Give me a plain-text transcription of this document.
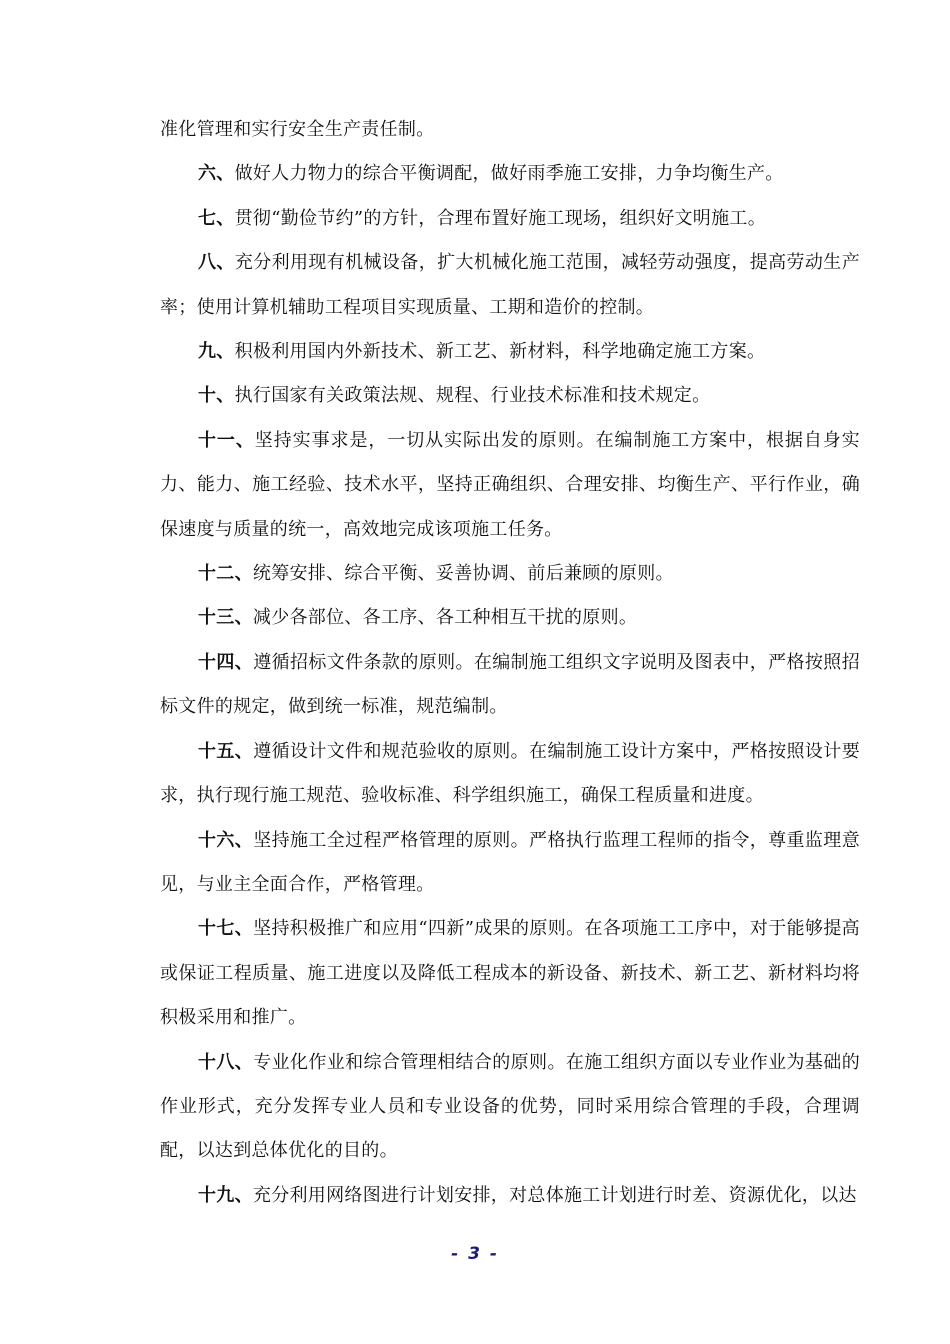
准化管理和实行安全生产责任制。

六、做好人力物力的综合平衡调配，做好雨季施工安排，力争均衡生产。

七、贯彻“勤俭节约”的方针，合理布置好施工现场，组织好文明施工。

八、充分利用现有机械设备，扩大机械化施工范围，减轻劳动强度，提高劳动生产率；使用计算机辅助工程项目实现质量、工期和造价的控制。

九、积极利用国内外新技术、新工艺、新材料，科学地确定施工方案。

十、执行国家有关政策法规、规程、行业技术标准和技术规定。

十一、坚持实事求是，一切从实际出发的原则。在编制施工方案中，根据自身实力、能力、施工经验、技术水平，坚持正确组织、合理安排、均衡生产、平行作业，确保速度与质量的统一，高效地完成该项施工任务。

十二、统筹安排、综合平衡、妥善协调、前后兼顾的原则。

十三、减少各部位、各工序、各工种相互干扰的原则。

十四、遵循招标文件条款的原则。在编制施工组织文字说明及图表中，严格按照招标文件的规定，做到统一标准，规范编制。

十五、遵循设计文件和规范验收的原则。在编制施工设计方案中，严格按照设计要求，执行现行施工规范、验收标准、科学组织施工，确保工程质量和进度。

十六、坚持施工全过程严格管理的原则。严格执行监理工程师的指令，尊重监理意见，与业主全面合作，严格管理。

十七、坚持积极推广和应用“四新”成果的原则。在各项施工工序中，对于能够提高或保证工程质量、施工进度以及降低工程成本的新设备、新技术、新工艺、新材料均将积极采用和推广。

十八、专业化作业和综合管理相结合的原则。在施工组织方面以专业作业为基础的作业形式，充分发挥专业人员和专业设备的优势，同时采用综合管理的手段，合理调配，以达到总体优化的目的。

十九、充分利用网络图进行计划安排，对总体施工计划进行时差、资源优化，以达

- 3 -
